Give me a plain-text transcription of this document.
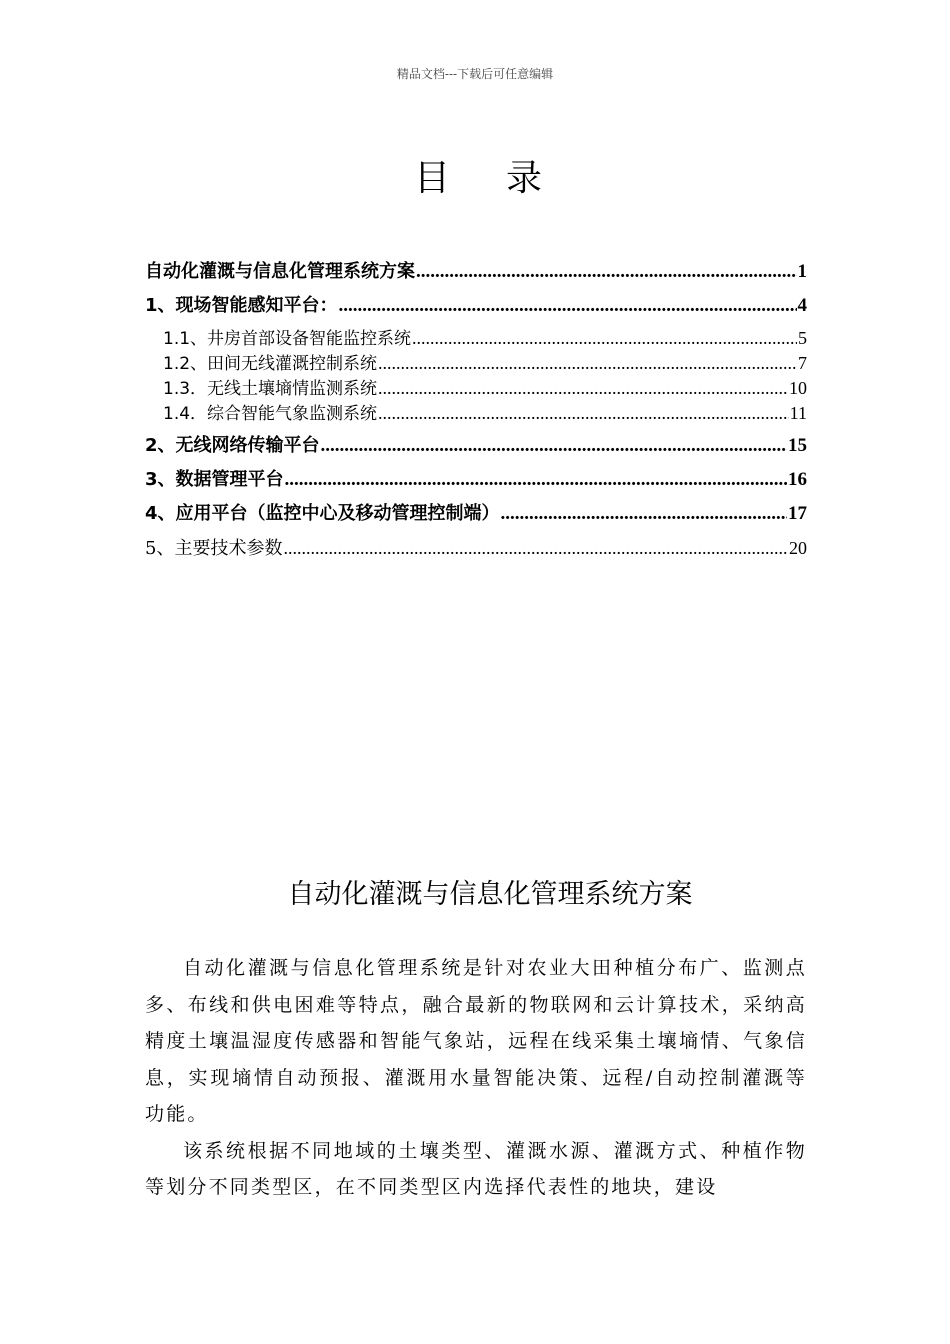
精品文档---下载后可任意编辑
目录
自动化灌溉与信息化管理系统方案 .....	1
1、现场智能感知平台： .....	4
1.1、井房首部设备智能监控系统 .....	5
1.2、田间无线灌溉控制系统 .....	7
1.3．无线土壤墒情监测系统 .....	10
1.4．综合智能气象监测系统 .....	11
2、无线网络传输平台 .....	15
3、数据管理平台 .....	16
4、应用平台（监控中心及移动管理控制端） .....	17
5、主要技术参数 .....	20
自动化灌溉与信息化管理系统方案

自动化灌溉与信息化管理系统是针对农业大田种植分布广、监测点多、布线和供电困难等特点，融合最新的物联网和云计算技术，采纳高精度土壤温湿度传感器和智能气象站，远程在线采集土壤墒情、气象信息，实现墒情自动预报、灌溉用水量智能决策、远程/自动控制灌溉等功能。

该系统根据不同地域的土壤类型、灌溉水源、灌溉方式、种植作物等划分不同类型区，在不同类型区内选择代表性的地块，建设
